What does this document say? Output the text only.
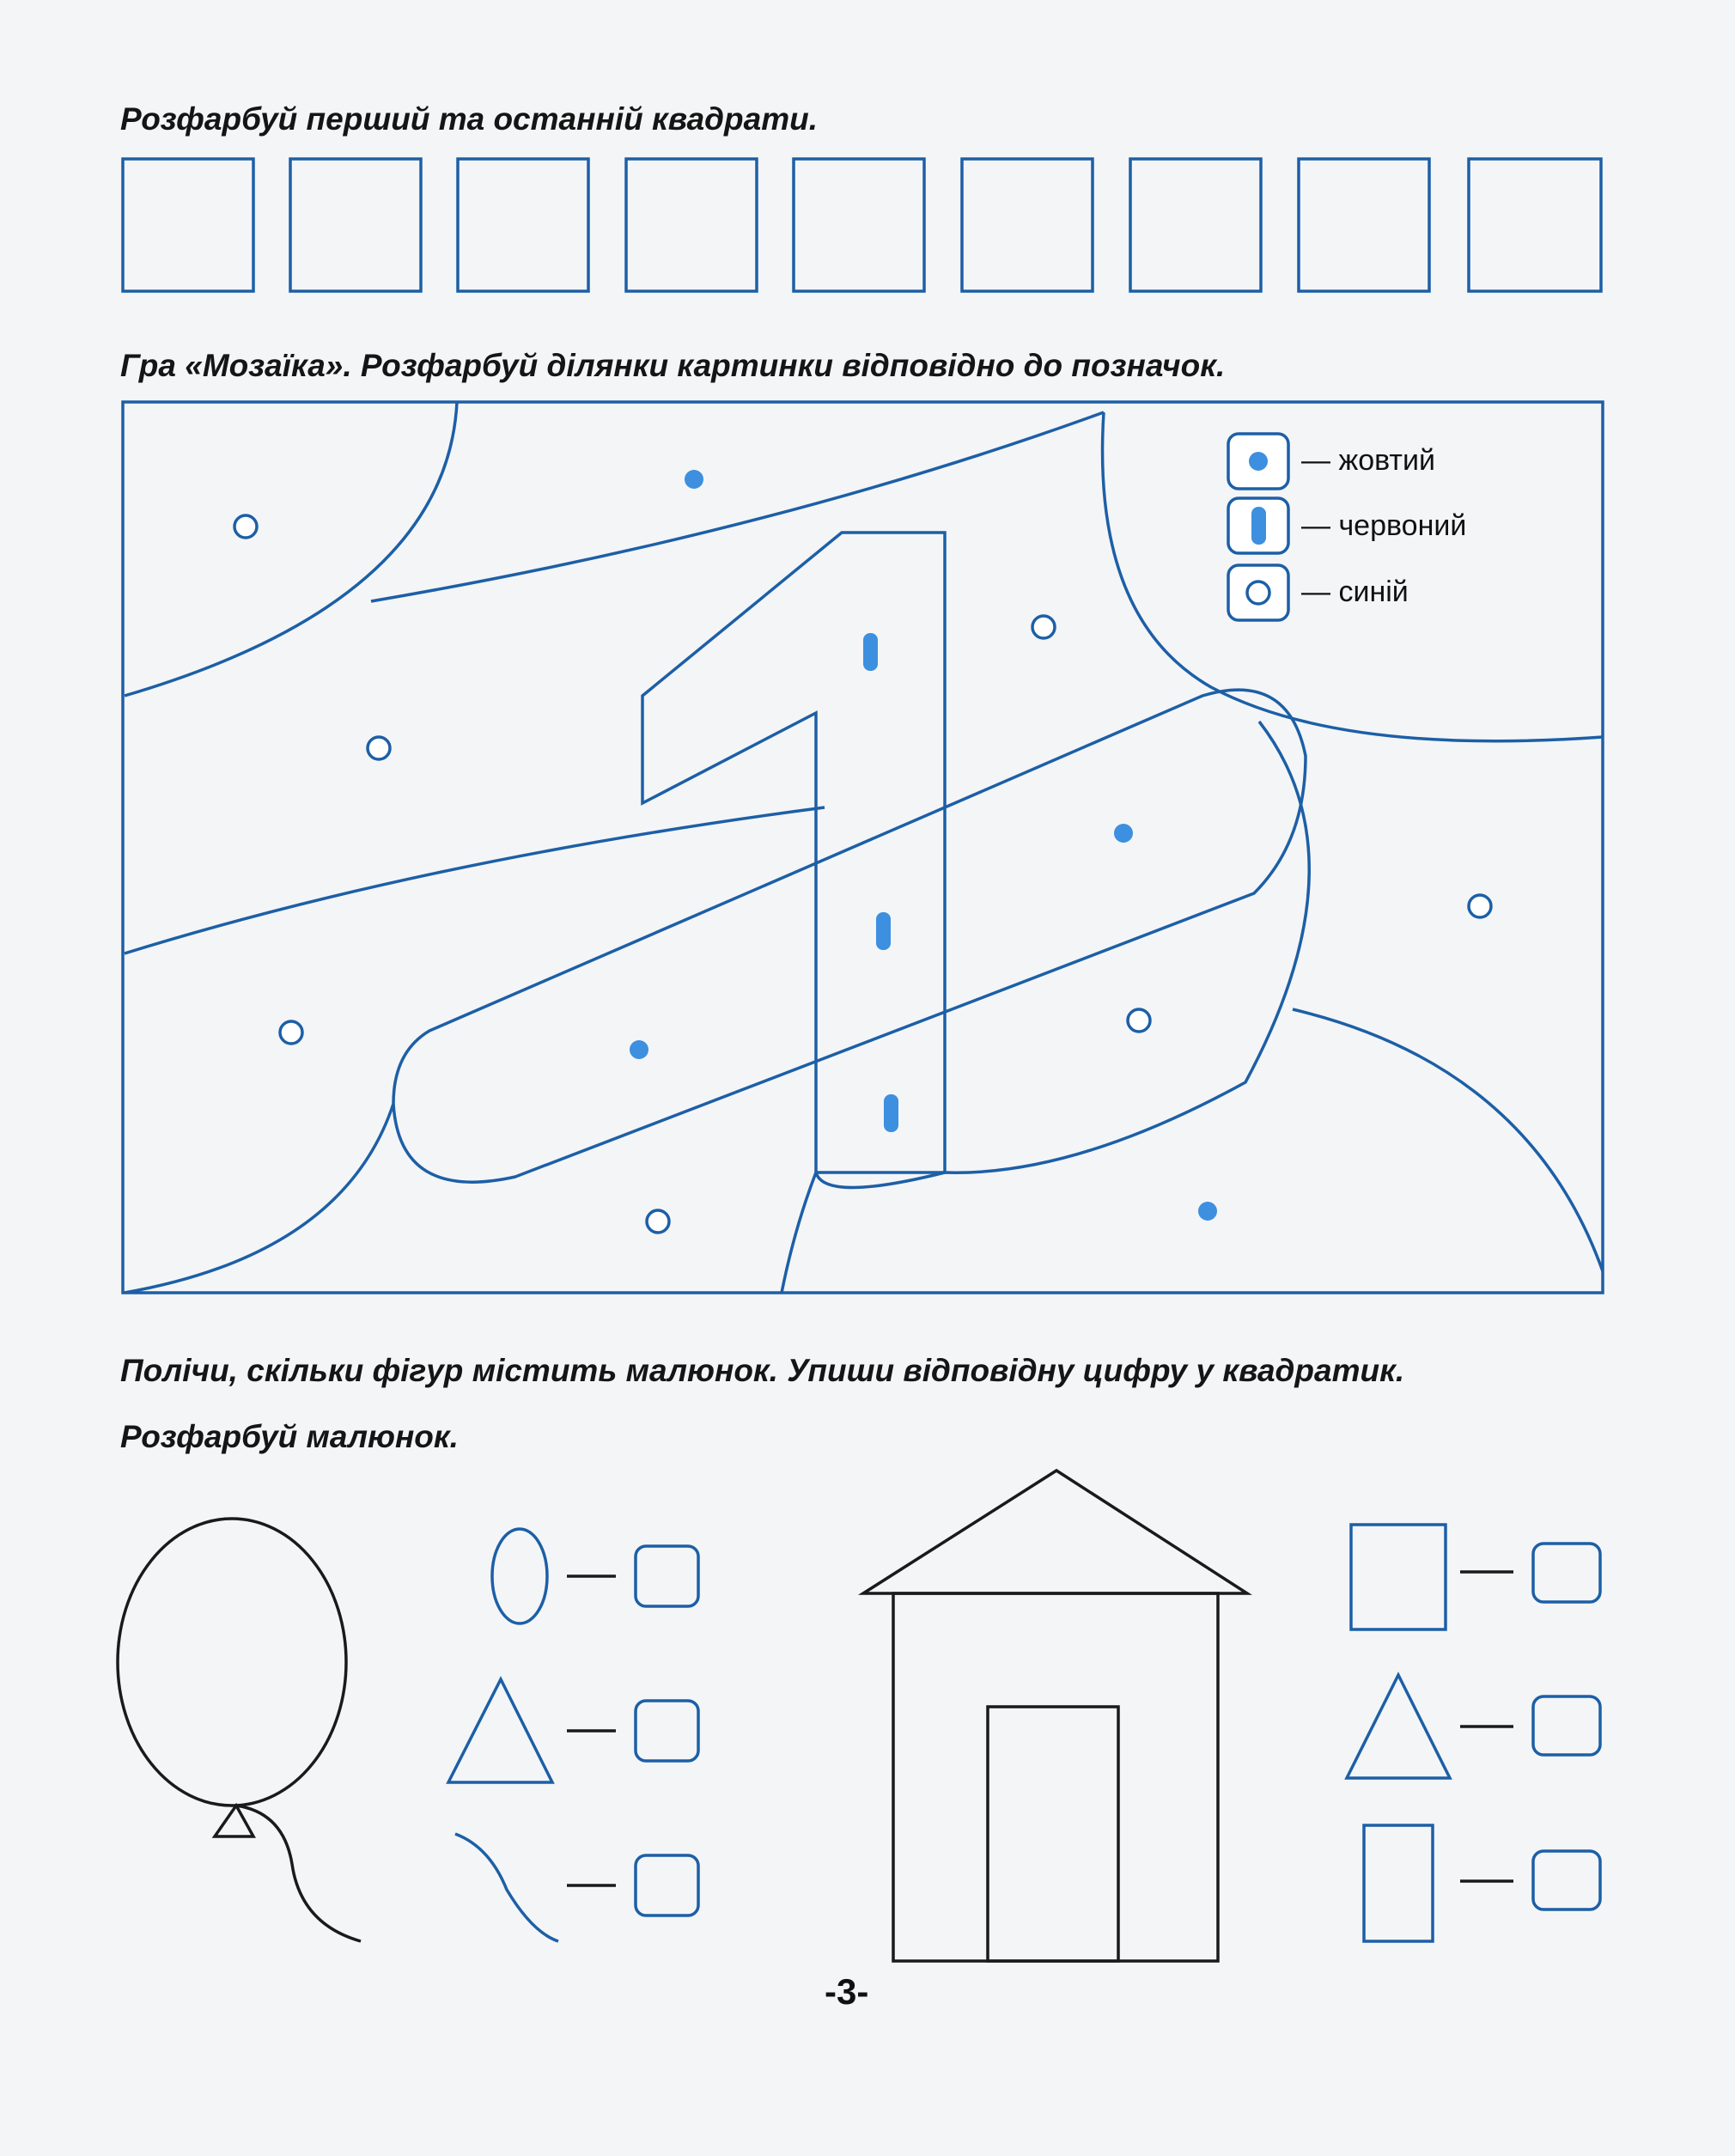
Розфарбуй перший та останній квадрати.

Гра «Мозаїка». Розфарбуй ділянки картинки відповідно до позначок.

Полічи, скільки фігур містить малюнок. Упиши відповідну цифру у квадратик.

Розфарбуй малюнок.

— жовтий
— червоний
— синій
-3-
